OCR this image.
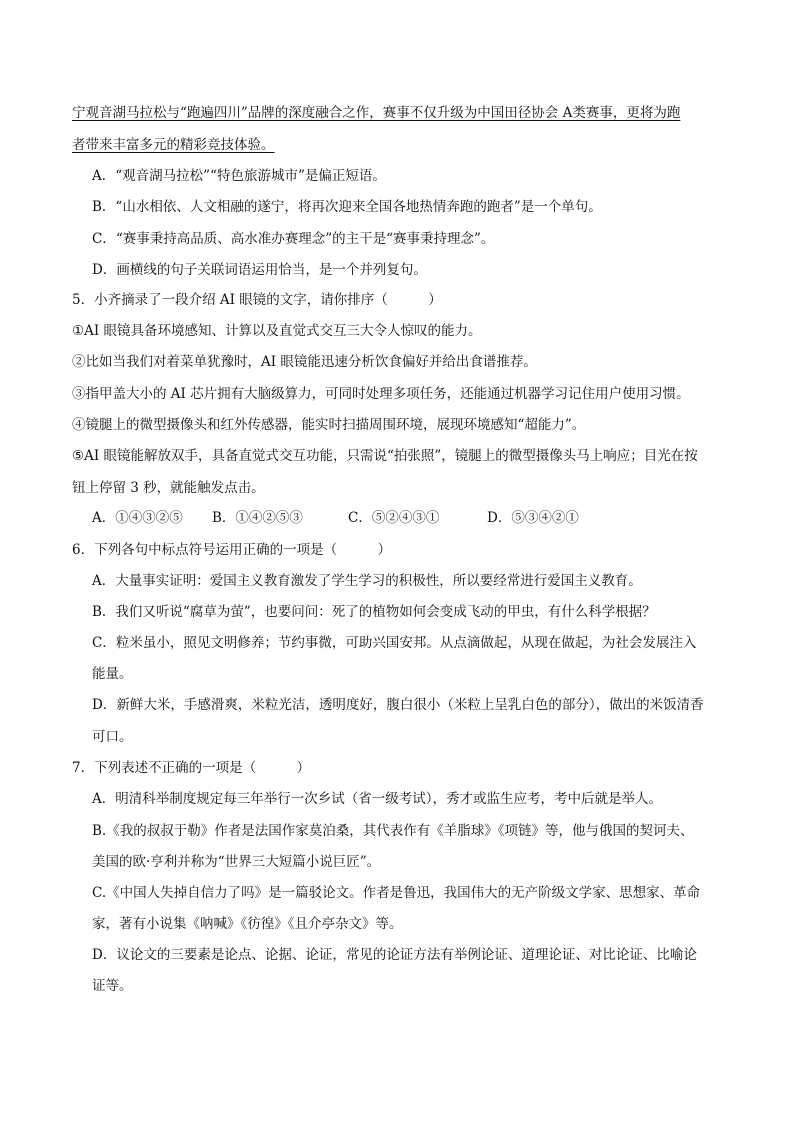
宁观音湖马拉松与“跑遍四川”品牌的深度融合之作，赛事不仅升级为中国田径协会 A类赛事，更将为跑
者带来丰富多元的精彩竞技体验。
A．“观音湖马拉松”“特色旅游城市”是偏正短语。
B．“山水相依、人文相融的遂宁，将再次迎来全国各地热情奔跑的跑者”是一个单句。
C．“赛事秉持高品质、高水准办赛理念”的主干是“赛事秉持理念”。
D．画横线的句子关联词语运用恰当，是一个并列复句。
5．小齐摘录了一段介绍 AI 眼镜的文字，请你排序（　　　）
①AI 眼镜具备环境感知、计算以及直觉式交互三大令人惊叹的能力。
②比如当我们对着菜单犹豫时，AI 眼镜能迅速分析饮食偏好并给出食谱推荐。
③指甲盖大小的 AI 芯片拥有大脑级算力，可同时处理多项任务，还能通过机器学习记住用户使用习惯。
④镜腿上的微型摄像头和红外传感器，能实时扫描周围环境，展现环境感知“超能力”。
⑤AI 眼镜能解放双手，具备直觉式交互功能，只需说“拍张照”，镜腿上的微型摄像头马上响应；目光在按
钮上停留 3 秒，就能触发点击。
A．①④③②⑤ B．①④②⑤③	C．⑤②④③①	D．⑤③④②①
6．下列各句中标点符号运用正确的一项是（　　　）
A．大量事实证明：爱国主义教育激发了学生学习的积极性，所以要经常进行爱国主义教育。
B．我们又听说“腐草为萤”，也要问问：死了的植物如何会变成飞动的甲虫，有什么科学根据？
C．粒米虽小，照见文明修养；节约事微，可助兴国安邦。从点滴做起，从现在做起，为社会发展注入
能量。
D．新鲜大米，手感滑爽，米粒光洁，透明度好，腹白很小（米粒上呈乳白色的部分），做出的米饭清香
可口。
7．下列表述不正确的一项是（　　　）
A．明清科举制度规定每三年举行一次乡试（省一级考试），秀才或监生应考，考中后就是举人。
B.《我的叔叔于勒》作者是法国作家莫泊桑，其代表作有《羊脂球》《项链》等，他与俄国的契诃夫、
美国的欧·亨利并称为“世界三大短篇小说巨匠”。
C.《中国人失掉自信力了吗》是一篇驳论文。作者是鲁迅，我国伟大的无产阶级文学家、思想家、革命
家，著有小说集《呐喊》《彷徨》《且介亭杂文》等。
D．议论文的三要素是论点、论据、论证，常见的论证方法有举例论证、道理论证、对比论证、比喻论
证等。
